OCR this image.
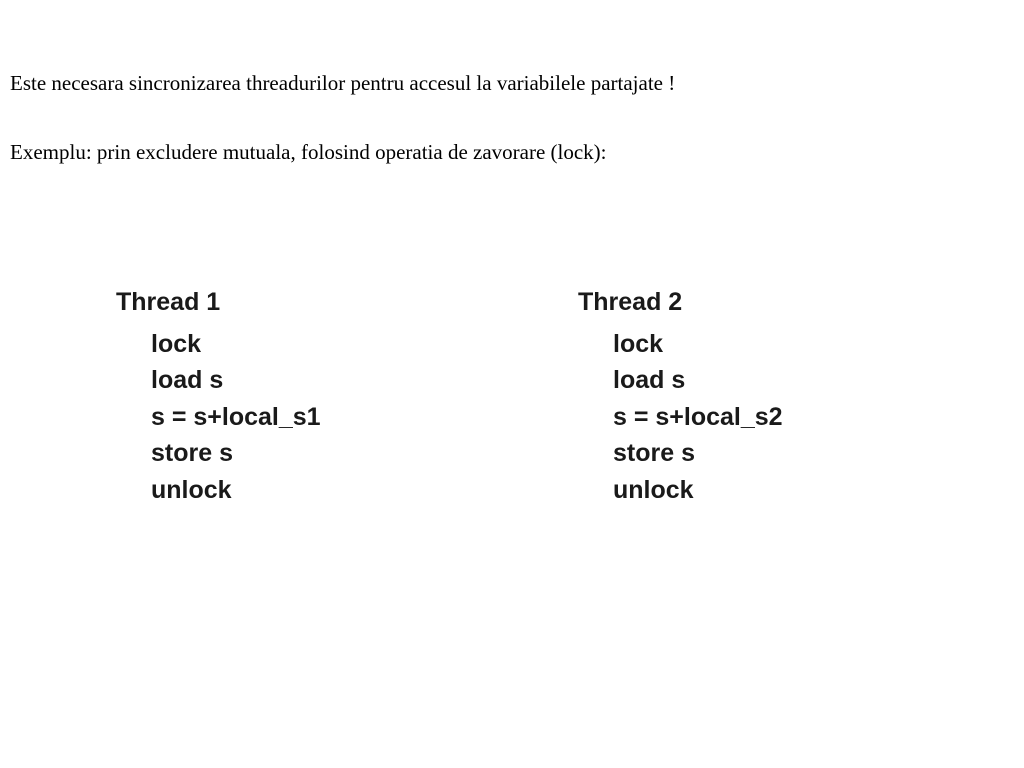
Este necesara sincronizarea threadurilor pentru accesul la variabilele partajate !
Exemplu: prin excludere mutuala, folosind operatia de zavorare (lock):
Thread 1
lock
load s
s = s+local_s1
store s
unlock
Thread 2
lock
load s
s = s+local_s2
store s
unlock
